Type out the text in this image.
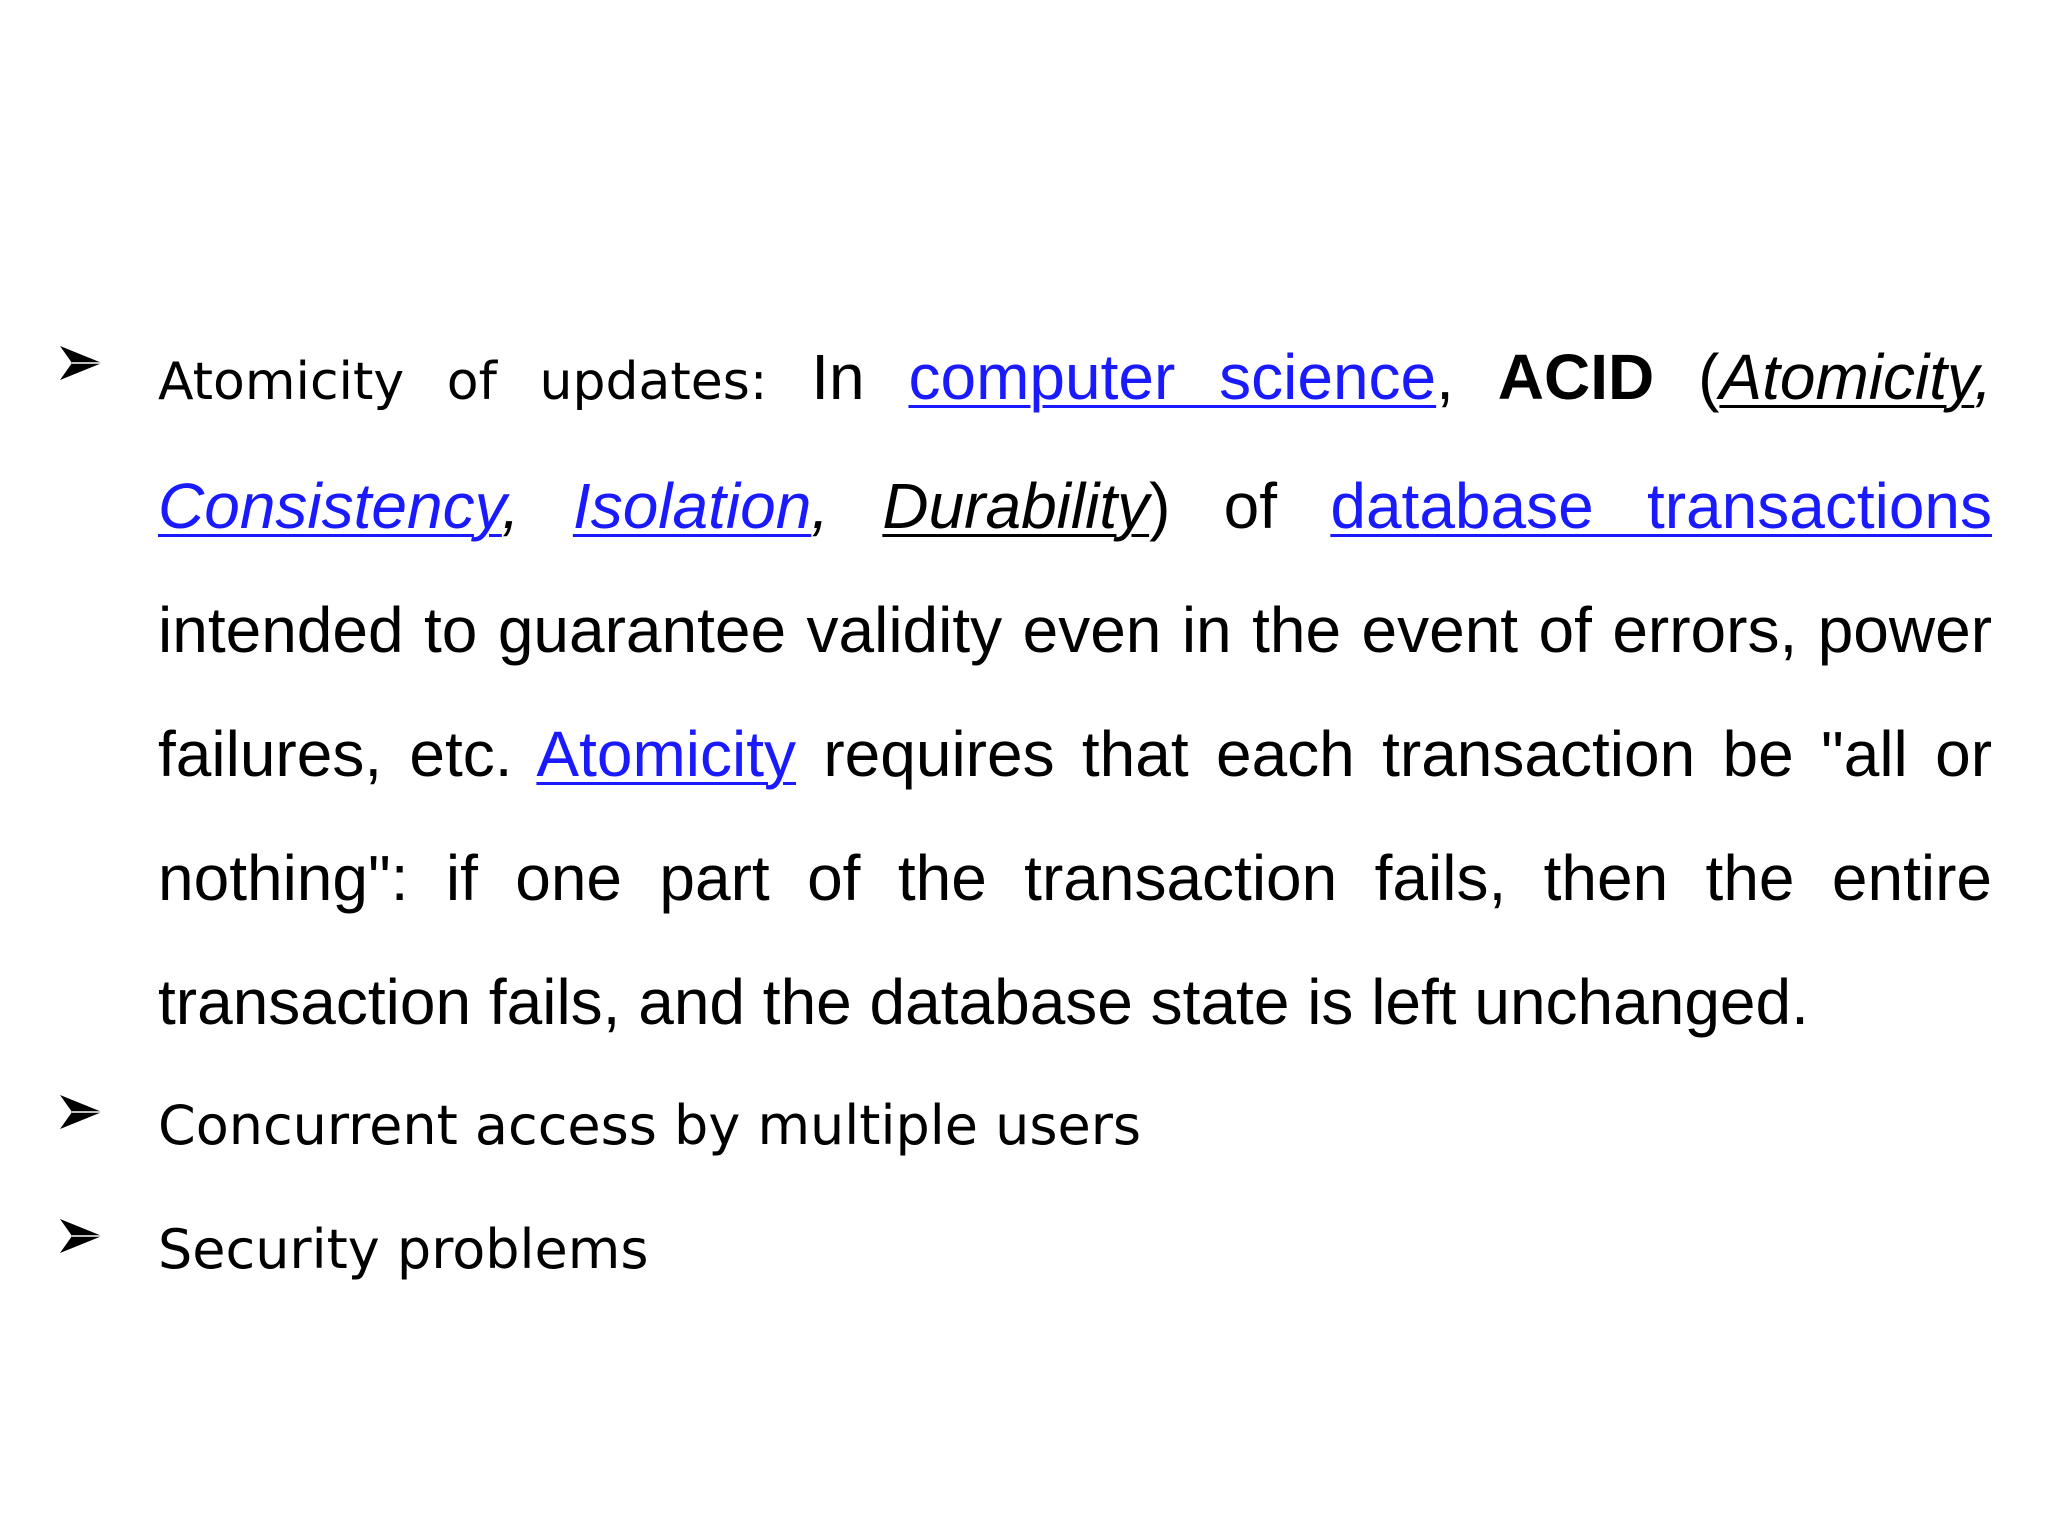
Atomicity of updates: In computer science, ACID (Atomicity, Consistency, Isolation, Durability) of database transactions intended to guarantee validity even in the event of errors, power failures, etc. Atomicity requires that each transaction be "all or nothing": if one part of the transaction fails, then the entire transaction fails, and the database state is left unchanged.

Concurrent access by multiple users

Security problems
